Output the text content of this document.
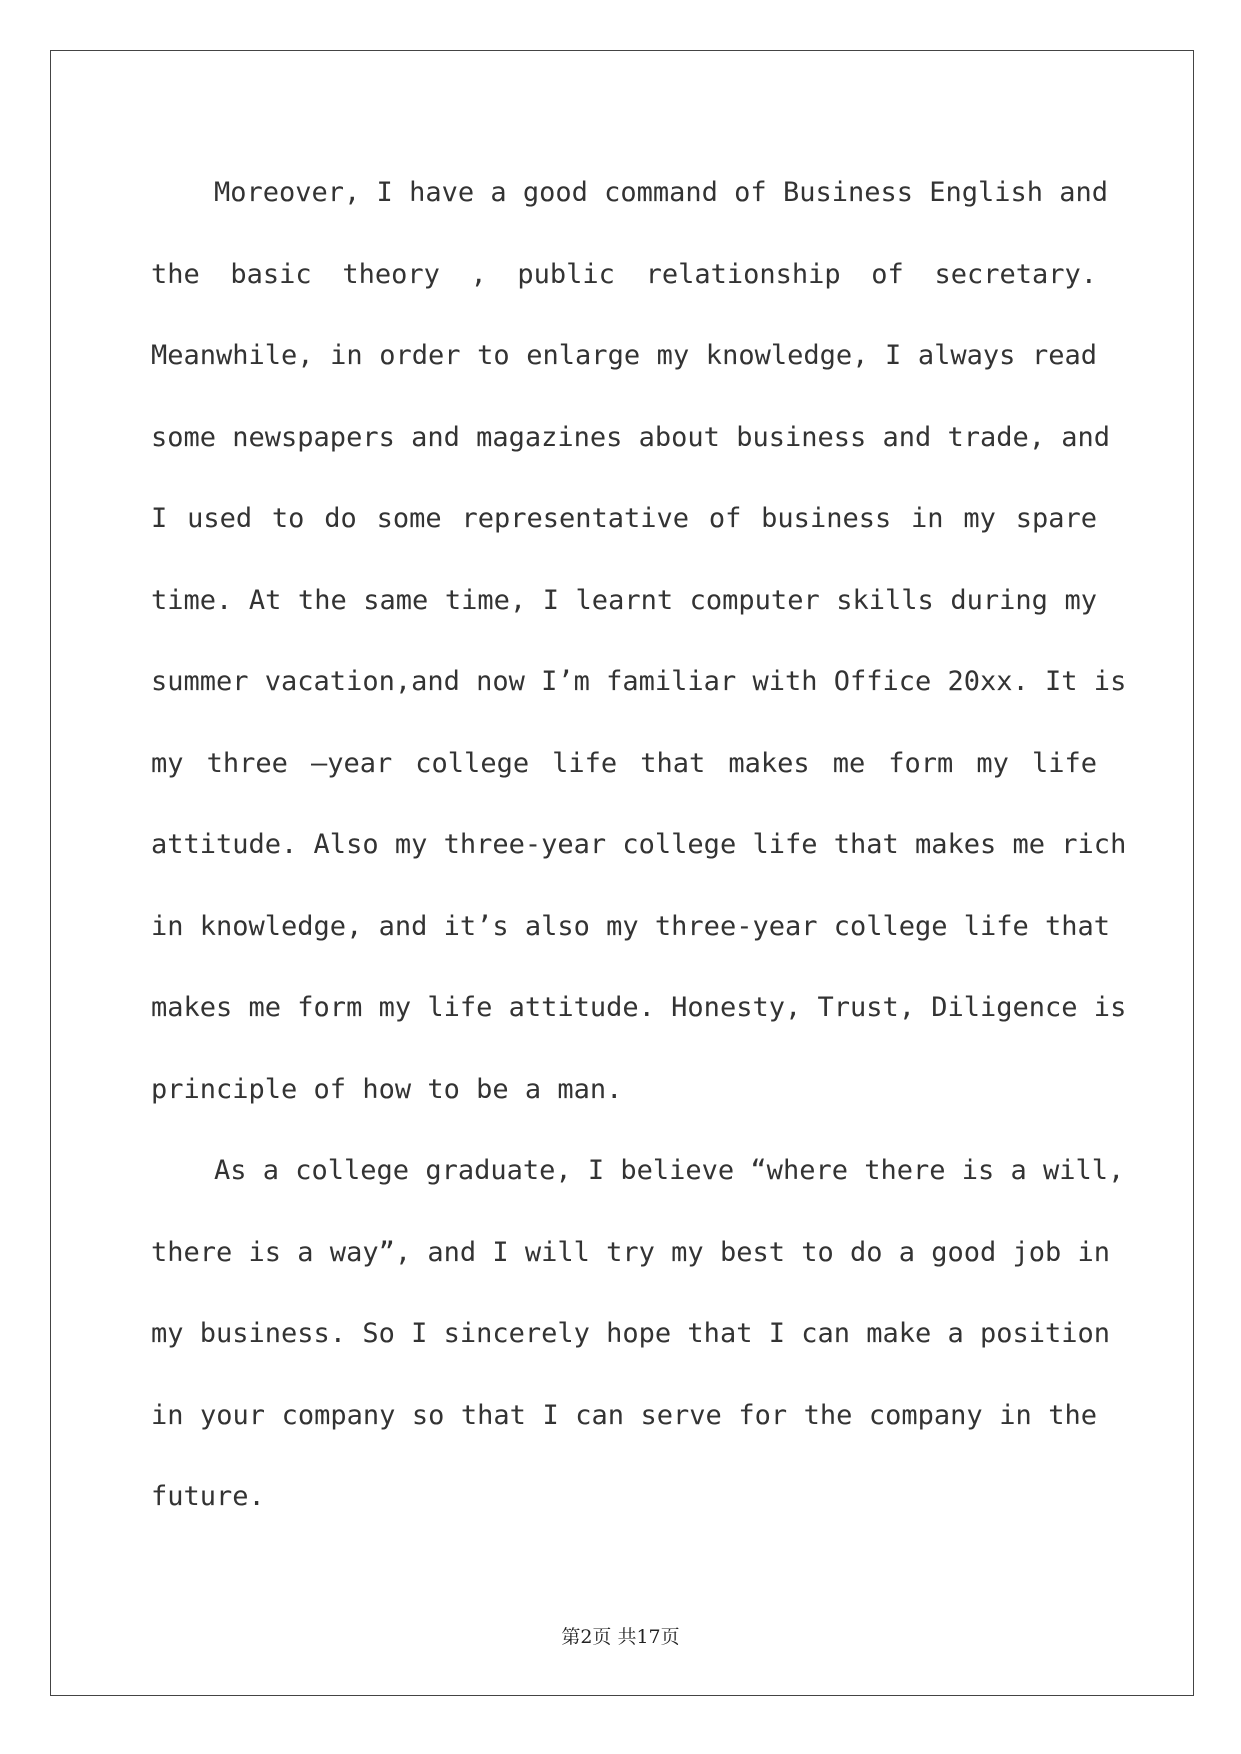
Moreover, I have a good command of Business English and
the basic theory , public relationship of secretary.
Meanwhile, in order to enlarge my knowledge, I always read
some newspapers and magazines about business and trade, and
I used to do some representative of business in my spare
time. At the same time, I learnt computer skills during my
summer vacation,and now I’m familiar with Office 20xx. It is
my three –year college life that makes me form my life
attitude. Also my three-year college life that makes me rich
in knowledge, and it’s also my three-year college life that
makes me form my life attitude. Honesty, Trust, Diligence is
principle of how to be a man.
As a college graduate, I believe “where there is a will,
there is a way”, and I will try my best to do a good job in
my business. So I sincerely hope that I can make a position
in your company so that I can serve for the company in the
future.
第2页 共17页
